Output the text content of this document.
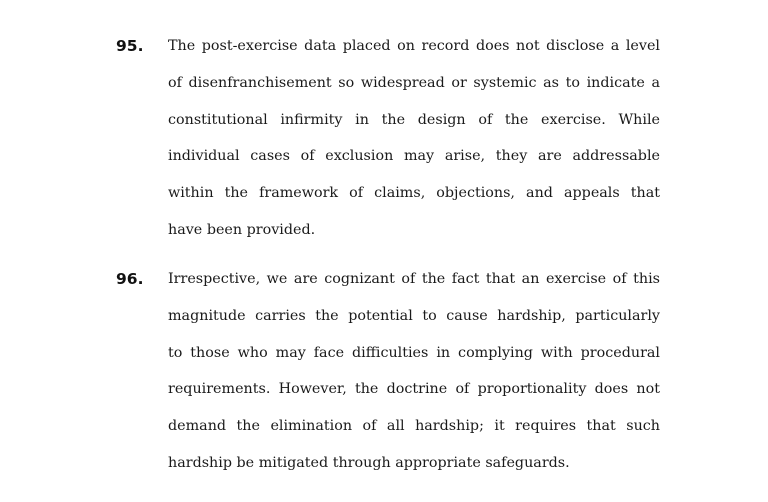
95. The post-exercise data placed on record does not disclose a level
of disenfranchisement so widespread or systemic as to indicate a
constitutional infirmity in the design of the exercise. While
individual cases of exclusion may arise, they are addressable
within the framework of claims, objections, and appeals that
have been provided.
96. Irrespective, we are cognizant of the fact that an exercise of this
magnitude carries the potential to cause hardship, particularly
to those who may face difficulties in complying with procedural
requirements. However, the doctrine of proportionality does not
demand the elimination of all hardship; it requires that such
hardship be mitigated through appropriate safeguards.
